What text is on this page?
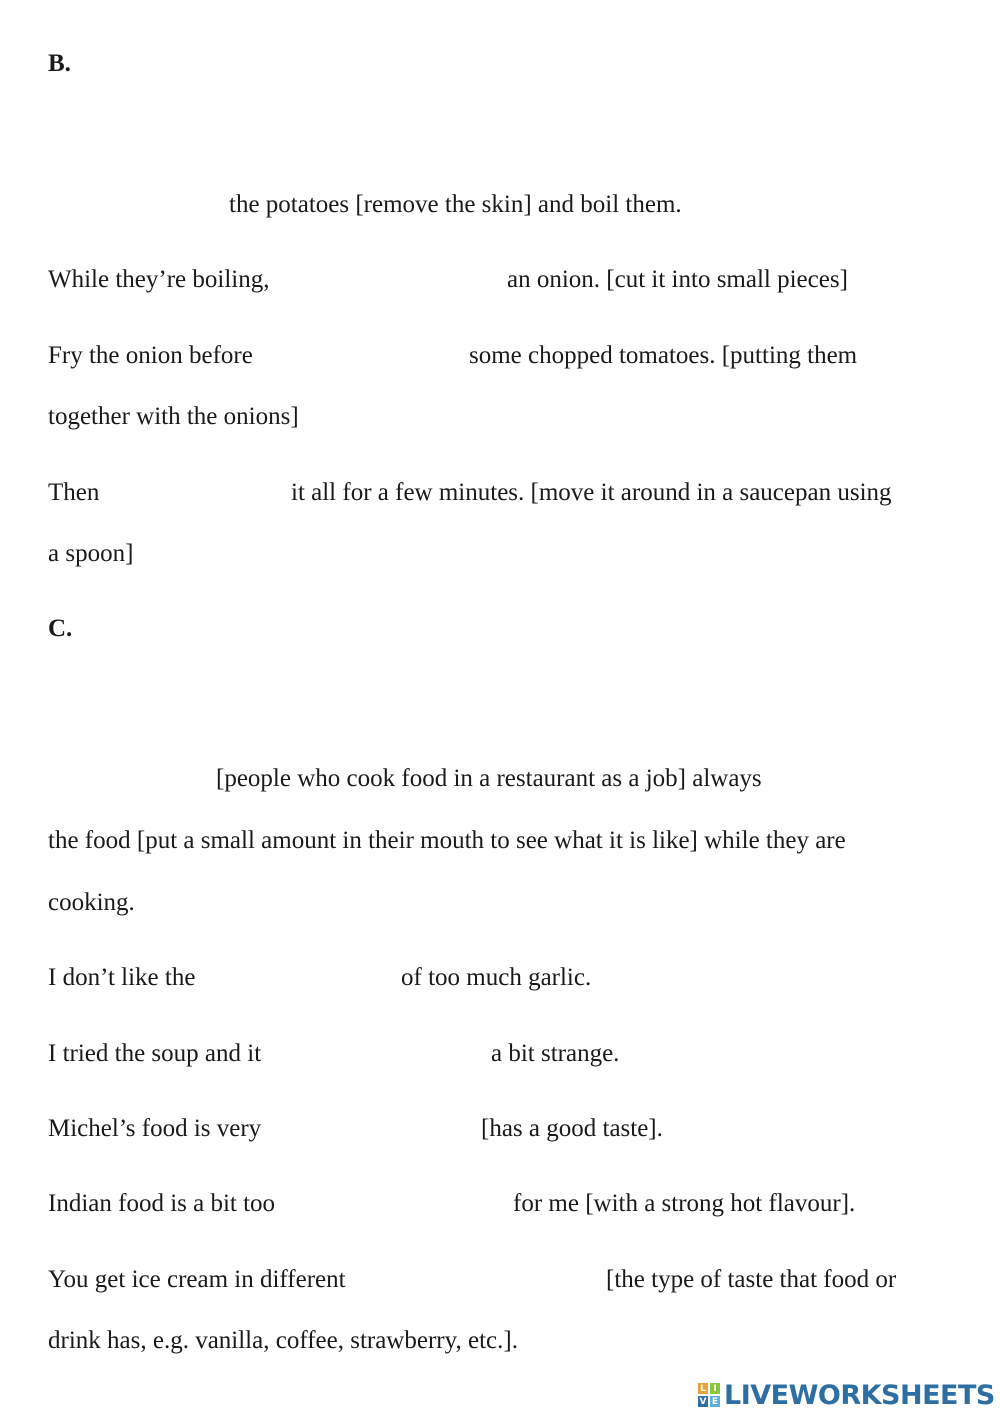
B.
the potatoes [remove the skin] and boil them.
While they’re boiling,	an onion. [cut it into small pieces]
Fry the onion before	some chopped tomatoes. [putting them
together with the onions]
Then	it all for a few minutes. [move it around in a saucepan using
a spoon]
C.
[people who cook food in a restaurant as a job] always
the food [put a small amount in their mouth to see what it is like] while they are
cooking.
I don’t like the	of too much garlic.
I tried the soup and it	a bit strange.
Michel’s food is very	[has a good taste].
Indian food is a bit too	for me [with a strong hot flavour].
You get ice cream in different	[the type of taste that food or
drink has, e.g. vanilla, coffee, strawberry, etc.].
L I
V E LIVEWORKSHEETS
